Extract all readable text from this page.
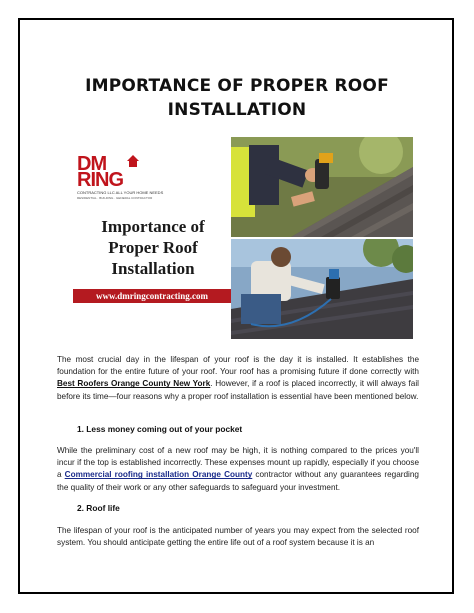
IMPORTANCE OF PROPER ROOF
INSTALLATION
DM
RING
CONTRACTING LLC ALL YOUR HOME NEEDS
RESIDENTIAL · BUILDING · GENERAL CONTRACTOR
Importance of
Proper Roof
Installation
www.dmringcontracting.com
The most crucial day in the lifespan of your roof is the day it is installed. It establishes the foundation for the entire future of your roof. Your roof has a promising future if done correctly with Best Roofers Orange County New York. However, if a roof is placed incorrectly, it will always fail before its time—four reasons why a proper roof installation is essential have been mentioned below.
1. Less money coming out of your pocket
While the preliminary cost of a new roof may be high, it is nothing compared to the prices you'll incur if the top is established incorrectly. These expenses mount up rapidly, especially if you choose a Commercial roofing installation Orange County contractor without any guarantees regarding the quality of their work or any other safeguards to safeguard your investment.
2. Roof life
The lifespan of your roof is the anticipated number of years you may expect from the selected roof system. You should anticipate getting the entire life out of a roof system because it is an
